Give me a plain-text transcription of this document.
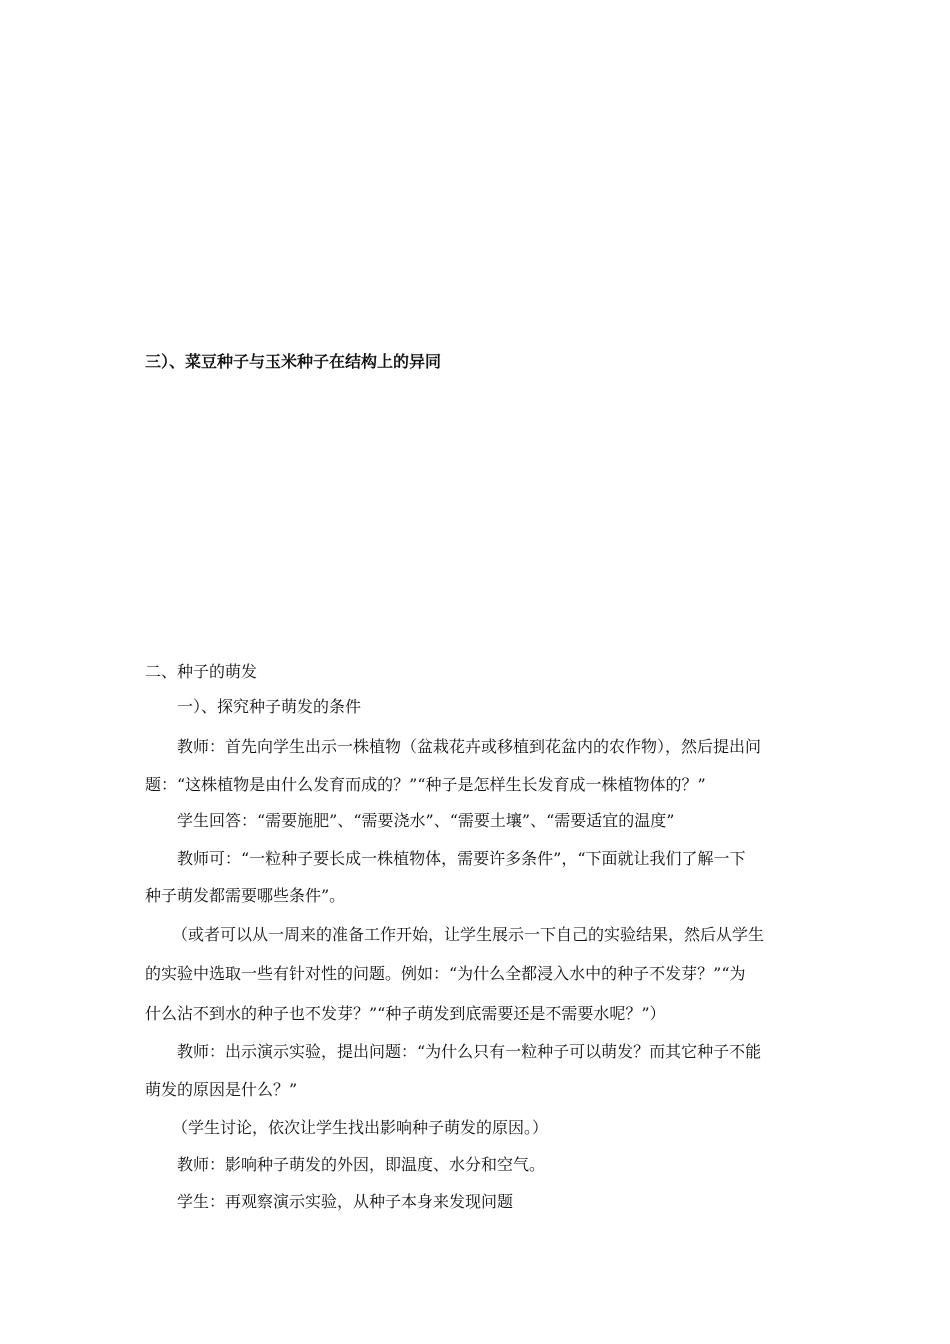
三）、菜豆种子与玉米种子在结构上的异同
二、种子的萌发
一）、探究种子萌发的条件
教师：首先向学生出示一株植物（盆栽花卉或移植到花盆内的农作物），然后提出问
题：“这株植物是由什么发育而成的？”“种子是怎样生长发育成一株植物体的？”
学生回答：“需要施肥”、“需要浇水”、“需要土壤”、“需要适宜的温度”
教师可：“一粒种子要长成一株植物体，需要许多条件”，“下面就让我们了解一下
种子萌发都需要哪些条件”。
（或者可以从一周来的准备工作开始，让学生展示一下自己的实验结果，然后从学生
的实验中选取一些有针对性的问题。例如：“为什么全都浸入水中的种子不发芽？”“为
什么沾不到水的种子也不发芽？”“种子萌发到底需要还是不需要水呢？”）
教师：出示演示实验，提出问题：“为什么只有一粒种子可以萌发？而其它种子不能
萌发的原因是什么？”
（学生讨论，依次让学生找出影响种子萌发的原因。）
教师：影响种子萌发的外因，即温度、水分和空气。
学生：再观察演示实验，从种子本身来发现问题
